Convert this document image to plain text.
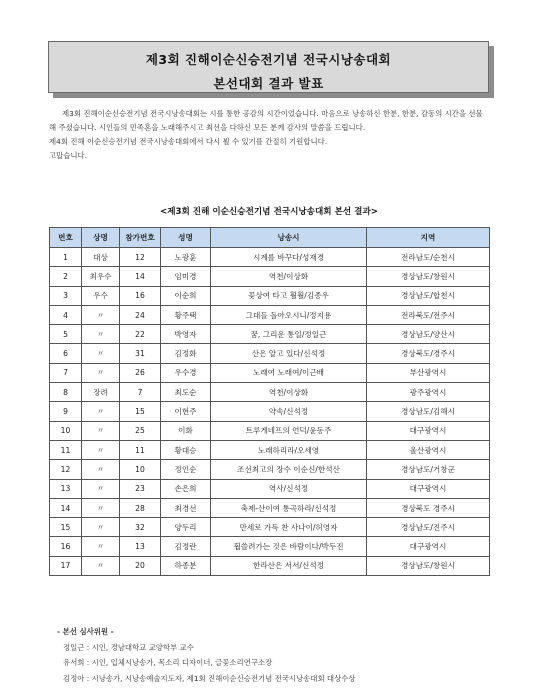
제3회 진해이순신승전기념 전국시낭송대회
본선대회 결과 발표

제3회 진해이순신승전기념 전국시낭송대회는 시를 통한 공감의 시간이었습니다. 마음으로 낭송하신 한분, 한분, 감동의 시간을 선물해 주셨습니다. 시인들의 민족혼을 노래해주시고 최선을 다하신 모든 분께 감사의 말씀을 드립니다.

제4회 진해 이순신승전기념 전국시낭송대회에서 다시 뵐 수 있기를 간절히 기원합니다.

고맙습니다.

<제3회 진해 이순신승전기념 전국시낭송대회 본선 결과>
번호	상명	참가번호	성명	낭송시	지역
1	대상	12	노광훈	시계를 바꾸다/성재경	전라남도/순천시
2	최우수	14	임미경	역천/이상화	경상남도/창원시
3	우수	16	이순희	꽃상여 타고 훨훨/김종우	경상남도/합천시
4	〃	24	황주택	그대들 돌아오시니/정지용	전라북도/전주시
5	〃	22	박영자	꿈, 그리운 통일/정일근	경상남도/양산시
6	〃	31	김정화	산은 알고 있다/신석정	경상북도/경주시
7	〃	26	우수경	노래여 노래여/이근배	부산광역시
8	장려	7	최도순	역천/이상화	광주광역시
9	〃	15	이현주	약속/신석정	경상남도/김해시
10	〃	25	이화	트루게네프의 언덕/윤동주	대구광역시
11	〃	11	황대승	노래하리라/오세영	울산광역시
12	〃	10	정인순	조선최고의 장수 이순신/한석산	경상남도/거창군
13	〃	23	손은희	역사/신석정	대구광역시
14	〃	28	최경선	축제-산이여 통곡하라/신석정	경상북도 경주시
15	〃	32	양두리	만세로 가득 찬 사나이/허영자	경상남도/진주시
16	〃	13	김정란	휩쓸려가는 것은 바람이다/박두진	대구광역시
17	〃	20	하종분	한라산은 서서/신석정	경상남도/창원시
- 본선 심사위원 -
정일근 : 시인, 경남대학교 교양학부 교수
유서희 : 시인, 입체시낭송가, 목소리 디자이너, 글꽃소리연구소장
김정아 : 시낭송가, 시낭송예술지도자, 제1회 진해이순신승전기념 전국시낭송대회 대상수상
